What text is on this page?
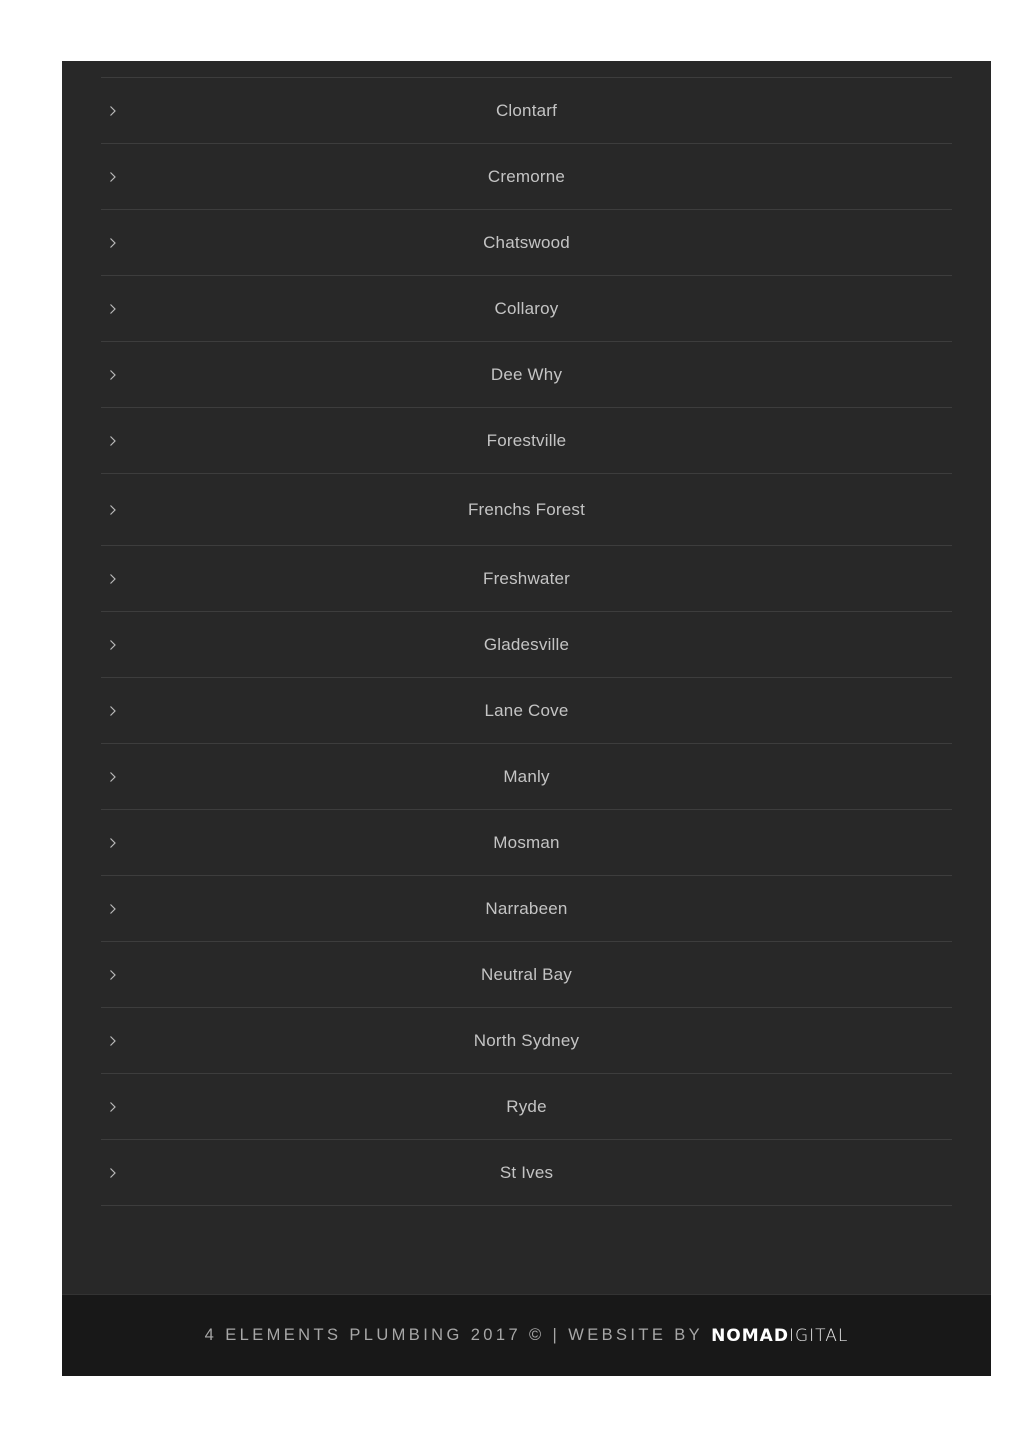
Clontarf
Cremorne
Chatswood
Collaroy
Dee Why
Forestville
Frenchs Forest
Freshwater
Gladesville
Lane Cove
Manly
Mosman
Narrabeen
Neutral Bay
North Sydney
Ryde
St Ives
4 ELEMENTS PLUMBING 2017 © | WEBSITE BY NOMAD IGITAL
